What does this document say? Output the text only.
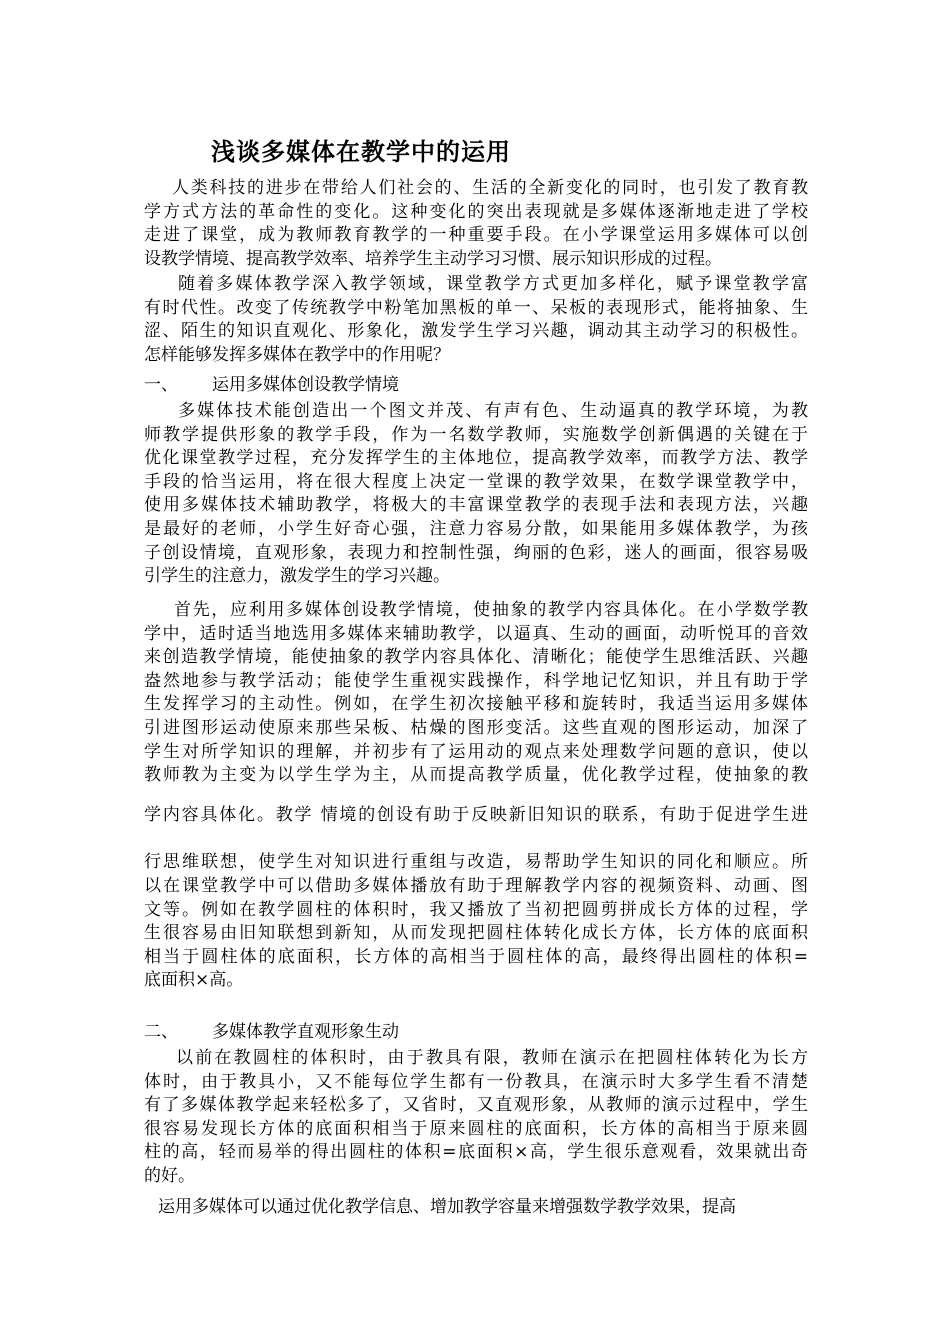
浅谈多媒体在教学中的运用
人类科技的进步在带给人们社会的、生活的全新变化的同时，也引发了教育教
学方式方法的革命性的变化。这种变化的突出表现就是多媒体逐渐地走进了学校
走进了课堂，成为教师教育教学的一种重要手段。在小学课堂运用多媒体可以创
设教学情境、提高教学效率、培养学生主动学习习惯、展示知识形成的过程。
随着多媒体教学深入教学领域，课堂教学方式更加多样化，赋予课堂教学富
有时代性。改变了传统教学中粉笔加黑板的单一、呆板的表现形式，能将抽象、生
涩、陌生的知识直观化、形象化，激发学生学习兴趣，调动其主动学习的积极性。
怎样能够发挥多媒体在教学中的作用呢？
一、 运用多媒体创设教学情境
多媒体技术能创造出一个图文并茂、有声有色、生动逼真的教学环境，为教
师教学提供形象的教学手段，作为一名数学教师，实施数学创新偶遇的关键在于
优化课堂教学过程，充分发挥学生的主体地位，提高教学效率，而教学方法、教学
手段的恰当运用，将在很大程度上决定一堂课的教学效果，在数学课堂教学中，
使用多媒体技术辅助教学，将极大的丰富课堂教学的表现手法和表现方法，兴趣
是最好的老师，小学生好奇心强，注意力容易分散，如果能用多媒体教学，为孩
子创设情境，直观形象，表现力和控制性强，绚丽的色彩，迷人的画面，很容易吸
引学生的注意力，激发学生的学习兴趣。
首先，应利用多媒体创设教学情境，使抽象的教学内容具体化。在小学数学教
学中，适时适当地选用多媒体来辅助教学，以逼真、生动的画面，动听悦耳的音效
来创造教学情境，能使抽象的教学内容具体化、清晰化；能使学生思维活跃、兴趣
盎然地参与教学活动；能使学生重视实践操作，科学地记忆知识，并且有助于学
生发挥学习的主动性。例如，在学生初次接触平移和旋转时，我适当运用多媒体
引进图形运动使原来那些呆板、枯燥的图形变活。这些直观的图形运动，加深了
学生对所学知识的理解，并初步有了运用动的观点来处理数学问题的意识，使以
教师教为主变为以学生学为主，从而提高教学质量，优化教学过程，使抽象的教
学内容具体化。教学 情境的创设有助于反映新旧知识的联系，有助于促进学生进
行思维联想，使学生对知识进行重组与改造，易帮助学生知识的同化和顺应。所
以在课堂教学中可以借助多媒体播放有助于理解教学内容的视频资料、动画、图
文等。例如在教学圆柱的体积时，我又播放了当初把圆剪拼成长方体的过程，学
生很容易由旧知联想到新知，从而发现把圆柱体转化成长方体，长方体的底面积
相当于圆柱体的底面积，长方体的高相当于圆柱体的高，最终得出圆柱的体积=
底面积×高。
二、 多媒体教学直观形象生动
以前在教圆柱的体积时，由于教具有限，教师在演示在把圆柱体转化为长方
体时，由于教具小，又不能每位学生都有一份教具，在演示时大多学生看不清楚
有了多媒体教学起来轻松多了，又省时，又直观形象，从教师的演示过程中，学生
很容易发现长方体的底面积相当于原来圆柱的底面积，长方体的高相当于原来圆
柱的高，轻而易举的得出圆柱的体积=底面积×高，学生很乐意观看，效果就出奇
的好。
运用多媒体可以通过优化教学信息、增加教学容量来增强数学教学效果，提高
